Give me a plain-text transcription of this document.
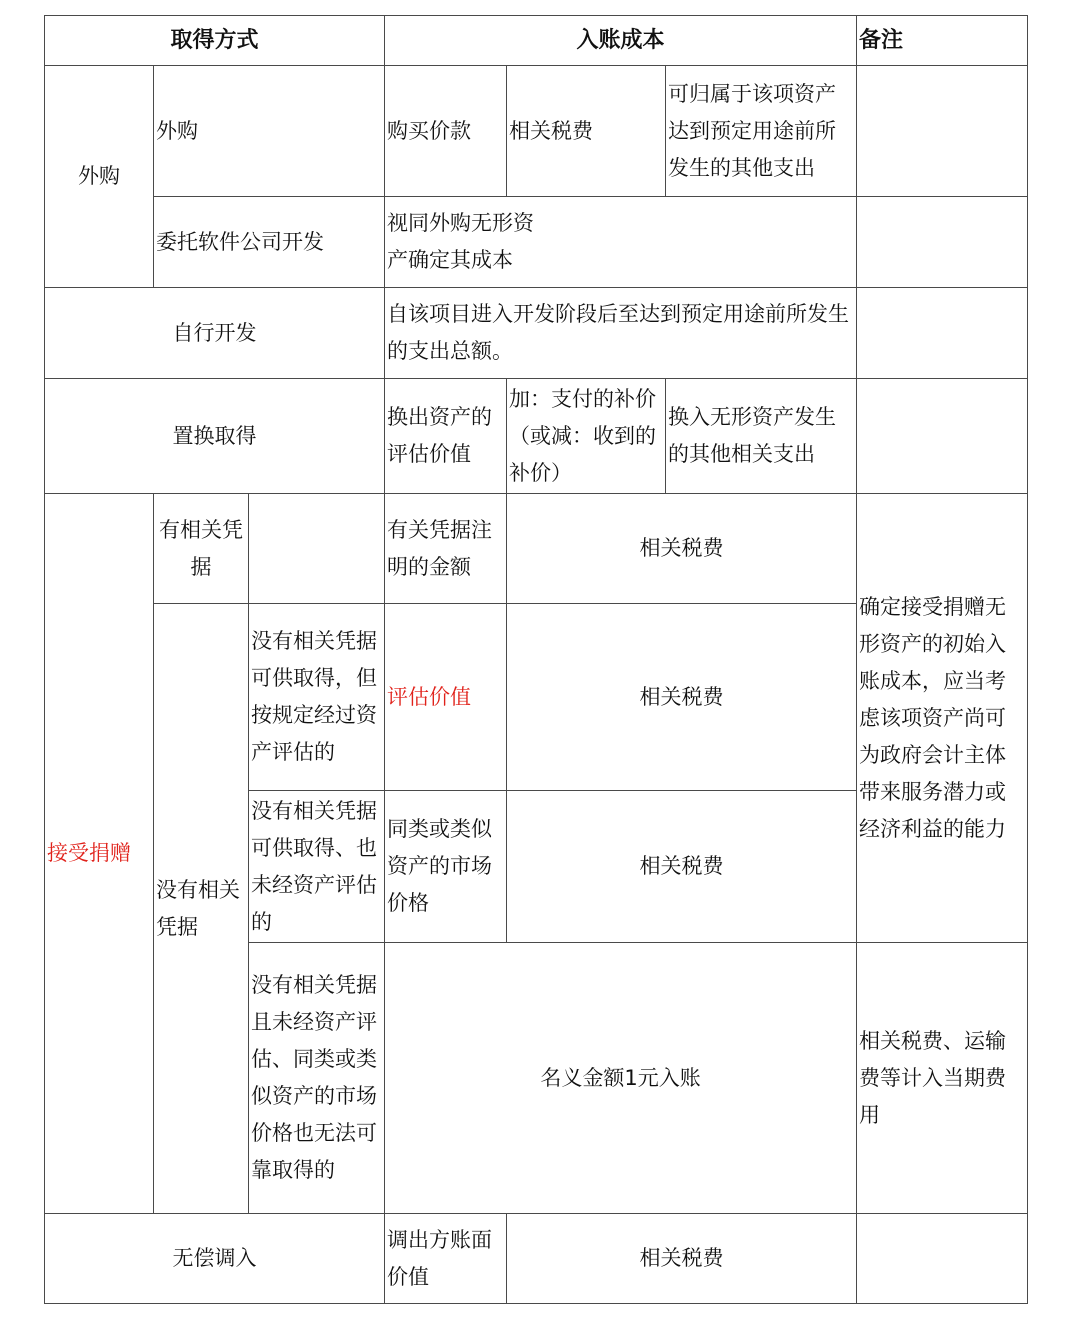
取得方式			入账成本			备注
外购	外购		购买价款	相关税费	可归属于该项资产达到预定用途前所发生的其他支出	
	委托软件公司开发		视同外购无形资产确定其成本			

自行开发			自该项目进入开发阶段后至达到预定用途前所发生的支出总额。			

置换取得			换出资产的评估价值	加：支付的补价（或减：收到的补价）	换入无形资产发生的其他相关支出	
接受捐赠	有相关凭据		有关凭据注明的金额	相关税费		确定接受捐赠无形资产的初始入账成本，应当考虑该项资产尚可为政府会计主体带来服务潜力或经济利益的能力
	没有相关凭据	没有相关凭据可供取得，但按规定经过资产评估的	评估价值	相关税费		
		没有相关凭据可供取得、也未经资产评估的	同类或类似资产的市场价格	相关税费		
		没有相关凭据且未经资产评估、同类或类似资产的市场价格也无法可靠取得的	名义金额1元入账			相关税费、运输费等计入当期费用
无偿调入			调出方账面价值	相关税费		
